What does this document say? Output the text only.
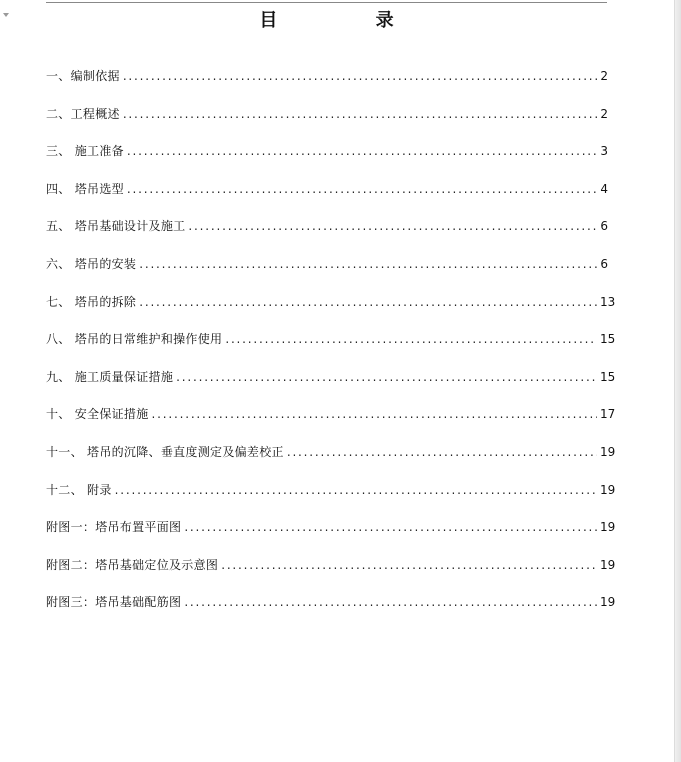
目 录
一、编制依据 .....	2
二、工程概述 .....	2
三、 施工准备 .....	3
四、 塔吊选型 .....	4
五、 塔吊基础设计及施工 .....	6
六、 塔吊的安装 .....	6
七、 塔吊的拆除 .....	13
八、 塔吊的日常维护和操作使用 .....	15
九、 施工质量保证措施 .....	15
十、 安全保证措施 .....	17
十一、 塔吊的沉降、垂直度测定及偏差校正 .....	19
十二、 附录 .....	19
附图一：塔吊布置平面图 .....	19
附图二：塔吊基础定位及示意图 .....	19
附图三：塔吊基础配筋图 .....	19
